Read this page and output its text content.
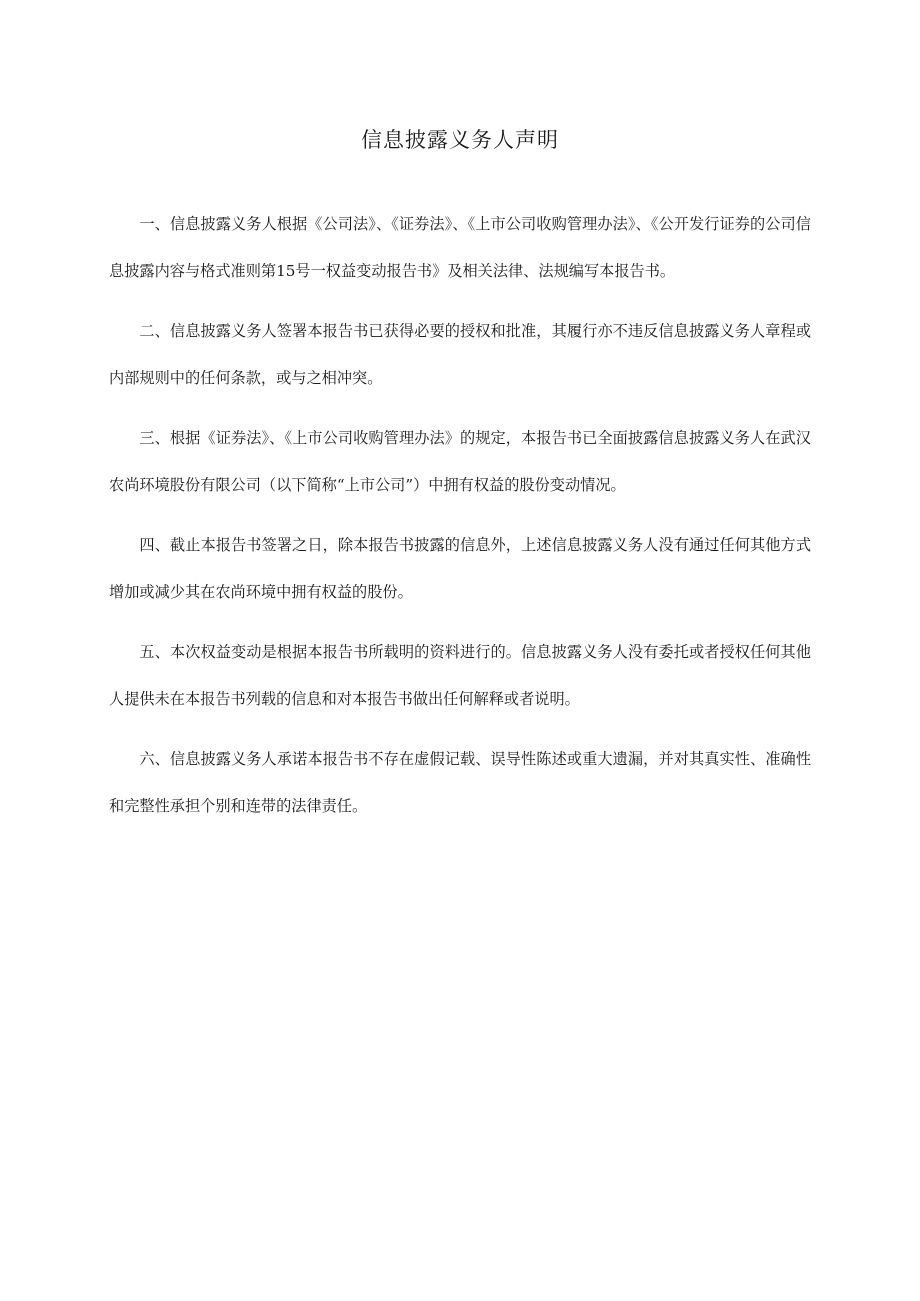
信息披露义务人声明

一、信息披露义务人根据《公司法》、《证券法》、《上市公司收购管理办法》、《公开发行证券的公司信息披露内容与格式准则第15号一权益变动报告书》及相关法律、法规编写本报告书。

二、信息披露义务人签署本报告书已获得必要的授权和批准，其履行亦不违反信息披露义务人章程或内部规则中的任何条款，或与之相冲突。

三、根据《证券法》、《上市公司收购管理办法》的规定，本报告书已全面披露信息披露义务人在武汉农尚环境股份有限公司（以下简称“上市公司”）中拥有权益的股份变动情况。

四、截止本报告书签署之日，除本报告书披露的信息外，上述信息披露义务人没有通过任何其他方式增加或减少其在农尚环境中拥有权益的股份。

五、本次权益变动是根据本报告书所载明的资料进行的。信息披露义务人没有委托或者授权任何其他人提供未在本报告书列载的信息和对本报告书做出任何解释或者说明。

六、信息披露义务人承诺本报告书不存在虚假记载、误导性陈述或重大遗漏，并对其真实性、准确性和完整性承担个别和连带的法律责任。
